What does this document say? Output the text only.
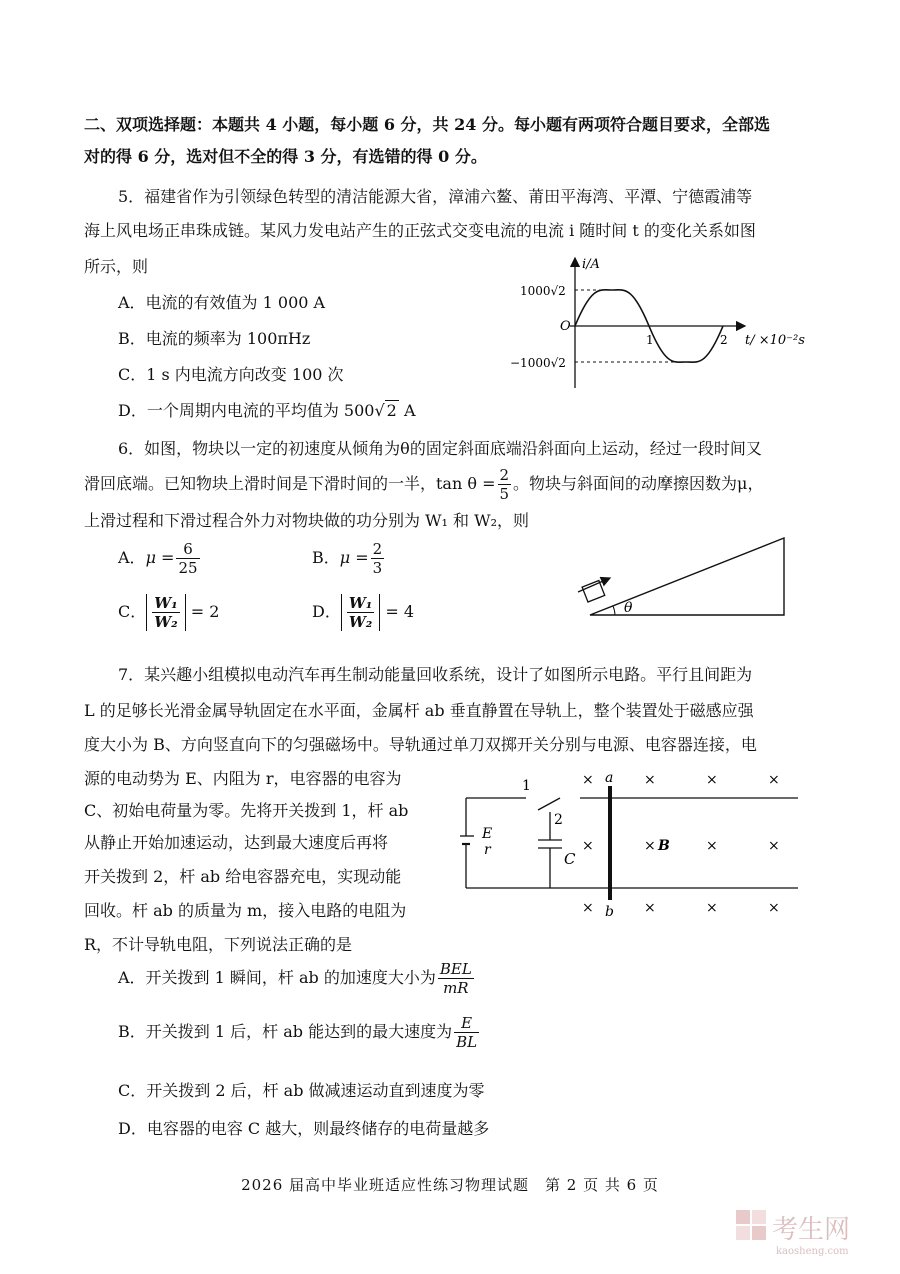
二、双项选择题：本题共 4 小题，每小题 6 分，共 24 分。每小题有两项符合题目要求，全部选
对的得 6 分，选对但不全的得 3 分，有选错的得 0 分。
5．福建省作为引领绿色转型的清洁能源大省，漳浦六鳌、莆田平海湾、平潭、宁德霞浦等
海上风电场正串珠成链。某风力发电站产生的正弦式交变电流的电流 i 随时间 t 的变化关系如图
所示，则
A．电流的有效值为 1 000 A
B．电流的频率为 100πHz
C．1 s 内电流方向改变 100 次
D．一个周期内电流的平均值为 500√ 2 A
i/A
1000√2
O
−1000√2
1	2 t/ ×10⁻²s
6．如图，物块以一定的初速度从倾角为θ的固定斜面底端沿斜面向上运动，经过一段时间又
滑回底端。已知物块上滑时间是下滑时间的一半，$\tan \theta = \frac{2}{5}$ 。物块与斜面间的动摩擦因数为μ，
上滑过程和下滑过程合外力对物块做的功分别为 W₁ 和 W₂，则
A．$\mu = \frac{6}{25}$	B．$\mu = \frac{2}{3}$
C． $\frac{\text{W₁}}{\text{W₂}} = 2$	D． $\frac{\text{W₁}}{\text{W₂}} = 4$	θ
7．某兴趣小组模拟电动汽车再生制动能量回收系统，设计了如图所示电路。平行且间距为
L 的足够长光滑金属导轨固定在水平面，金属杆 ab 垂直静置在导轨上，整个装置处于磁感应强
度大小为 B、方向竖直向下的匀强磁场中。导轨通过单刀双掷开关分别与电源、电容器连接，电
源的电动势为 E、内阻为 r，电容器的电容为
C、初始电荷量为零。先将开关拨到 1，杆 ab
从静止开始加速运动，达到最大速度后再将
开关拨到 2，杆 ab 给电容器充电，实现动能
回收。杆 ab 的质量为 m，接入电路的电阻为
R，不计导轨电阻，下列说法正确的是
A．开关拨到 1 瞬间，杆 ab 的加速度大小为 $\frac{\text{BEL}}{mR}$
B．开关拨到 1 后，杆 ab 能达到的最大速度为 $\frac{E}{BL}$
C．开关拨到 2 后，杆 ab 做减速运动直到速度为零
D．电容器的电容 C 越大，则最终储存的电荷量越多
E
r
1
2
C
a
b
×	×	×	×
×	× B	×	×
×	×	×	×
2026 届高中毕业班适应性练习物理试题　第 2 页 共 6 页
考生网
kaosheng.com
